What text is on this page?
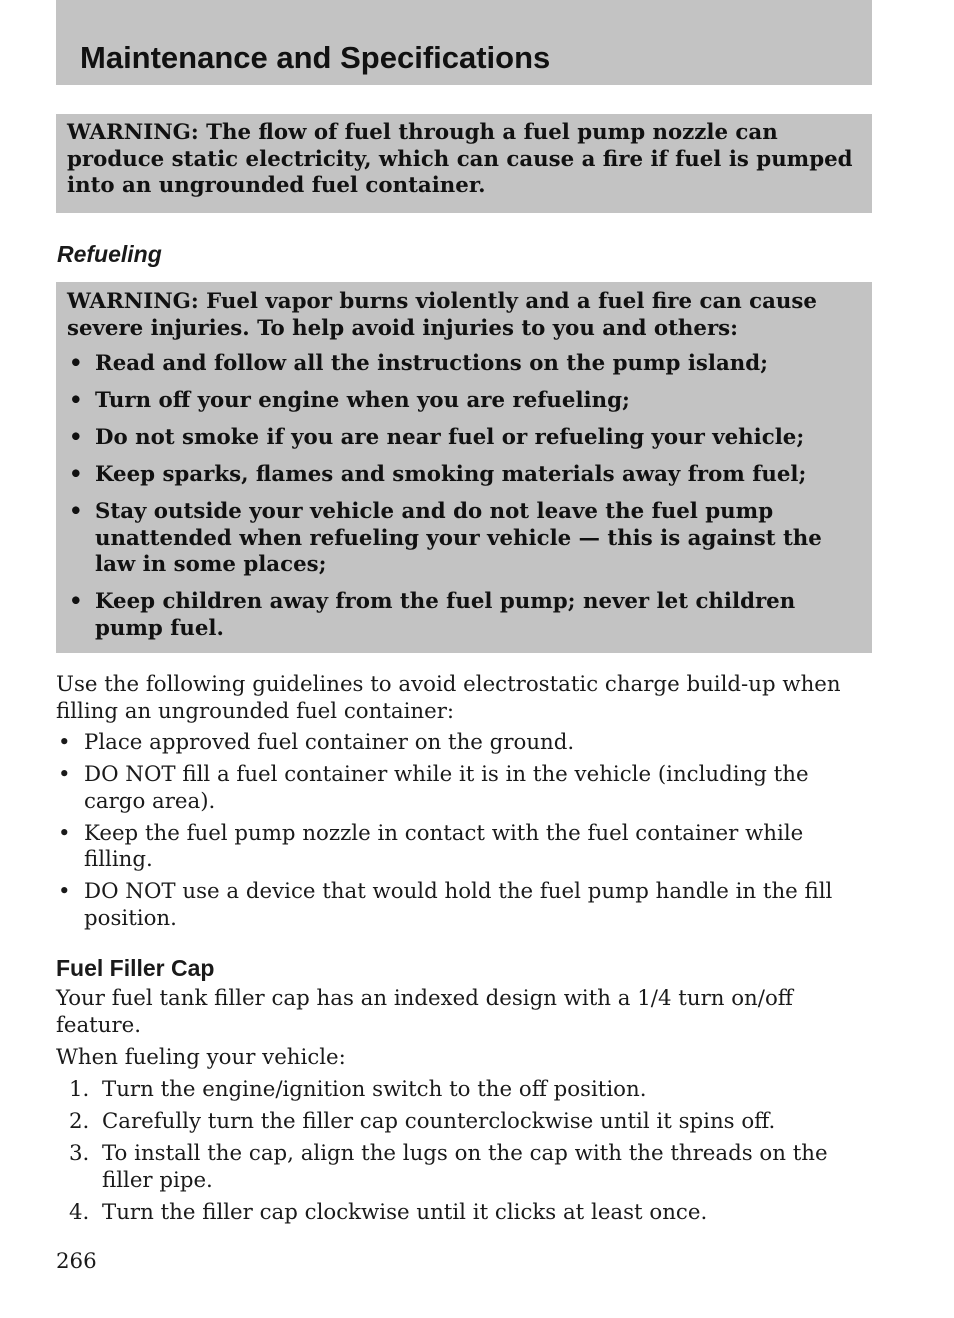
Maintenance and Specifications

WARNING: The flow of fuel through a fuel pump nozzle can produce static electricity, which can cause a fire if fuel is pumped into an ungrounded fuel container.

Refueling

WARNING: Fuel vapor burns violently and a fuel fire can cause severe injuries. To help avoid injuries to you and others:

• Read and follow all the instructions on the pump island;
• Turn off your engine when you are refueling;
• Do not smoke if you are near fuel or refueling your vehicle;
• Keep sparks, flames and smoking materials away from fuel;
• Stay outside your vehicle and do not leave the fuel pump unattended when refueling your vehicle — this is against the law in some places;
• Keep children away from the fuel pump; never let children pump fuel.

Use the following guidelines to avoid electrostatic charge build-up when filling an ungrounded fuel container:

• Place approved fuel container on the ground.
• DO NOT fill a fuel container while it is in the vehicle (including the cargo area).
• Keep the fuel pump nozzle in contact with the fuel container while filling.
• DO NOT use a device that would hold the fuel pump handle in the fill position.
Fuel Filler Cap

Your fuel tank filler cap has an indexed design with a 1/4 turn on/off feature.

When fueling your vehicle:

1. Turn the engine/ignition switch to the off position.
2. Carefully turn the filler cap counterclockwise until it spins off.
3. To install the cap, align the lugs on the cap with the threads on the filler pipe.
4. Turn the filler cap clockwise until it clicks at least once.

266
